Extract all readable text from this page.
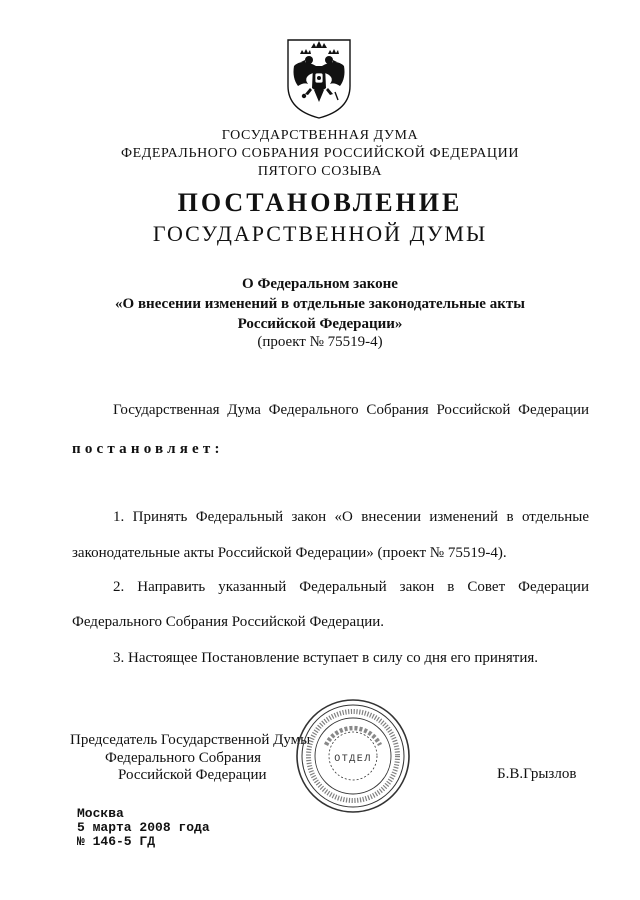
ГОСУДАРСТВЕННАЯ ДУМА
ФЕДЕРАЛЬНОГО СОБРАНИЯ РОССИЙСКОЙ ФЕДЕРАЦИИ
ПЯТОГО СОЗЫВА
ПОСТАНОВЛЕНИЕ
ГОСУДАРСТВЕННОЙ ДУМЫ
О Федеральном законе
«О внесении изменений в отдельные законодательные акты
Российской Федерации»
(проект № 75519-4)
Государственная Дума Федерального Собрания Российской Федерации
постановляет:
1. Принять Федеральный закон «О внесении изменений в отдельные
законодательные акты Российской Федерации» (проект № 75519-4).
2. Направить указанный Федеральный закон в Совет Федерации
Федерального Собрания Российской Федерации.
3. Настоящее Постановление вступает в силу со дня его принятия.
Председатель Государственной Думы
Федерального Собрания
Российской Федерации	Б.В.Грызлов
ОТДЕЛ
Москва
5 марта 2008 года
№ 146-5 ГД
